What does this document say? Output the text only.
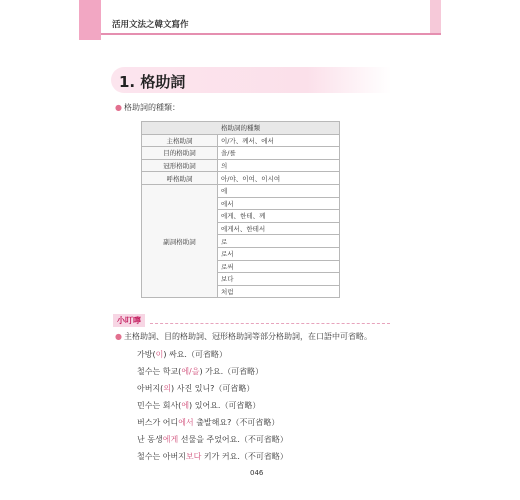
活用文法之韓文寫作
1. 格助詞
● 格助詞的種類：
格助詞的種類	
主格助詞	이/가、께서、에서
目的格助詞	을/를
冠形格助詞	의
呼格助詞	아/야、이여、이시여
副詞格助詞	에
	에서
	에게、한테、께
	에게서、한테서
	로
	로서
	로써
	보다
	처럼
小叮嚀
● 主格助詞、目的格助詞、冠形格助詞等部分格助詞，在口語中可省略。
가방(이) 싸요.（可省略）
철수는 학교(에/을) 가요.（可省略）
아버지(의) 사진 있니?（可省略）
민수는 회사(에) 있어요.（可省略）
버스가 어디에서 출발해요?（不可省略）
난 동생에게 선물을 주었어요.（不可省略）
철수는 아버지보다 키가 커요.（不可省略）
046
